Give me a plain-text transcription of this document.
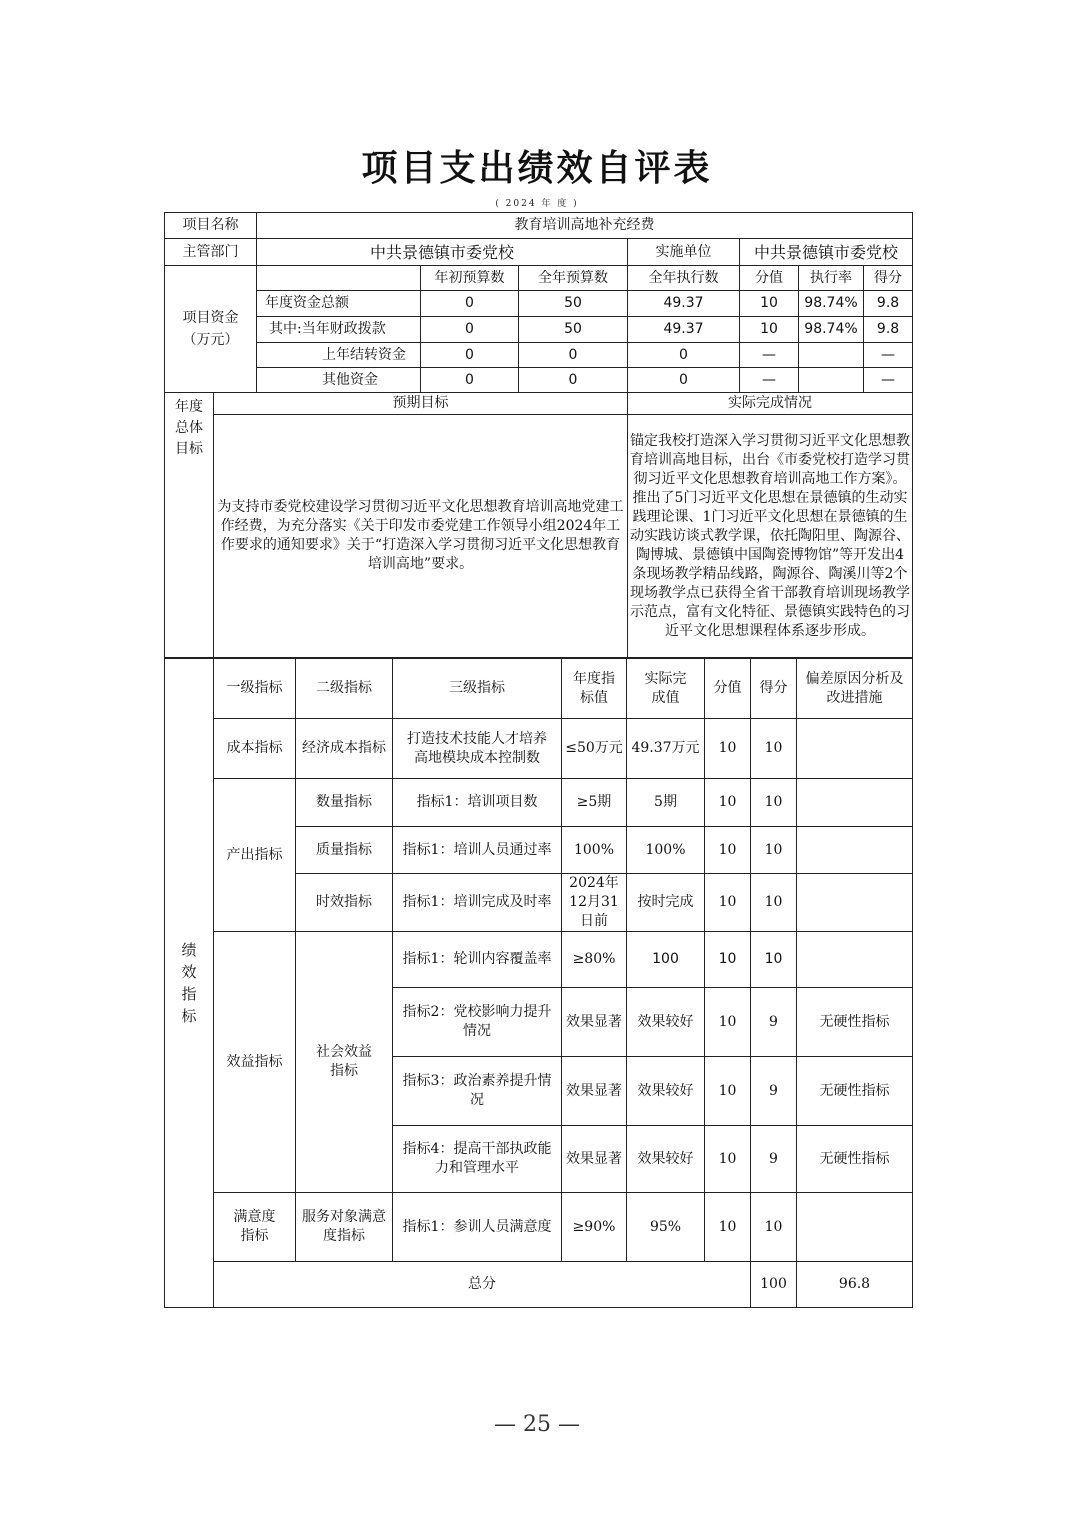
项目支出绩效自评表
( 2024 年 度 )
项目名称	教育培训高地补充经费						
主管部门	中共景德镇市委党校			实施单位	中共景德镇市委党校		

项目资金
（万元）		年初预算数	全年预算数	全年执行数	分值	执行率	得分
	年度资金总额	0	50	49.37	10	98.74%	9.8
	其中:当年财政拨款	0	50	49.37	10	98.74%	9.8
	上年结转资金	0	0	0	—		—
	其他资金	0	0	0	—		—
年度
总体
目标	预期目标	实际完成情况
	为支持市委党校建设学习贯彻习近平文化思想教育培训高地党建工作经费，为充分落实《关于印发市委党建工作领导小组2024年工作要求的通知要求》关于“打造深入学习贯彻习近平文化思想教育培训高地”要求。	锚定我校打造深入学习贯彻习近平文化思想教育培训高地目标，出台《市委党校打造学习贯彻习近平文化思想教育培训高地工作方案》。推出了5门习近平文化思想在景德镇的生动实践理论课、1门习近平文化思想在景德镇的生动实践访谈式教学课，依托陶阳里、陶源谷、陶博城、景德镇中国陶瓷博物馆”等开发出4条现场教学精品线路，陶源谷、陶溪川等2个现场教学点已获得全省干部教育培训现场教学示范点，富有文化特征、景德镇实践特色的习近平文化思想课程体系逐步形成。
绩
效
指
标	一级指标	二级指标	三级指标	年度指标值	实际完成值	分值	得分	偏差原因分析及改进措施	
	成本指标	经济成本指标	打造技术技能人才培养高地模块成本控制数	≤50万元	49.37万元	10	10		
	产出指标	数量指标	指标1：培训项目数	≥5期	5期	10	10		
		质量指标	指标1：培训人员通过率	100%	100%	10	10		
		时效指标	指标1：培训完成及时率	2024年12月31日前	按时完成	10	10		
	效益指标	社会效益指标	指标1：轮训内容覆盖率	≥80%	100	10	10		
			指标2：党校影响力提升情况	效果显著	效果较好	10	9	无硬性指标	
			指标3：政治素养提升情况	效果显著	效果较好	10	9	无硬性指标	
			指标4：提高干部执政能力和管理水平	效果显著	效果较好	10	9	无硬性指标	
	满意度指标	服务对象满意度指标	指标1：参训人员满意度	≥90%	95%	10	10		
	总分						100	96.8	
— 25 —
